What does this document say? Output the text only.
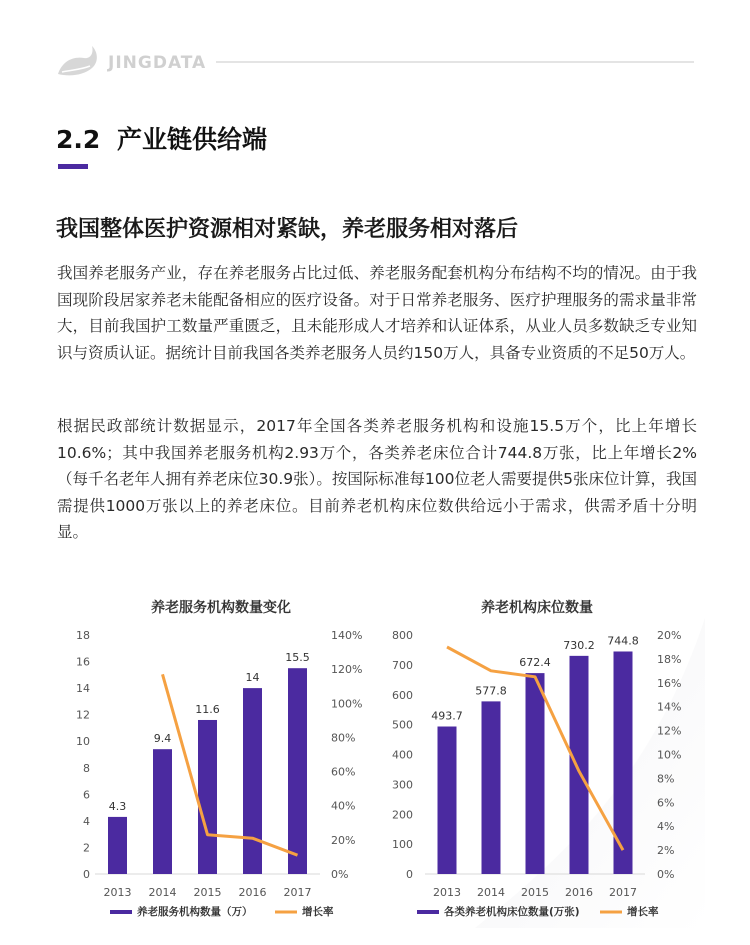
JINGDATA
2.2 产业链供给端
我国整体医护资源相对紧缺，养老服务相对落后
我国养老服务产业，存在养老服务占比过低、养老服务配套机构分布结构不均的情况。由于我国现阶段居家养老未能配备相应的医疗设备。对于日常养老服务、医疗护理服务的需求量非常大，目前我国护工数量严重匮乏，且未能形成人才培养和认证体系，从业人员多数缺乏专业知识与资质认证。据统计目前我国各类养老服务人员约150万人，具备专业资质的不足50万人。
根据民政部统计数据显示，2017年全国各类养老服务机构和设施15.5万个，比上年增长10.6%；其中我国养老服务机构2.93万个，各类养老床位合计744.8万张，比上年增长2%（每千名老年人拥有养老床位30.9张）。按国际标准每100位老人需要提供5张床位计算，我国需提供1000万张以上的养老床位。目前养老机构床位数供给远小于需求，供需矛盾十分明显。
养老服务机构数量变化
0
2
4
6
8
10
12
14
16
18
0%
20%
40%
60%
80%
100%
120%
140%
4.3
2013
9.4
2014
11.6
2015
14
2016
15.5
2017
养老服务机构数量（万）	增长率
养老机构床位数量
0
100
200
300
400
500
600
700
800
0%
2%
4%
6%
8%
10%
12%
14%
16%
18%
20%
493.7
2013
577.8
2014
672.4
2015
730.2
2016
744.8
2017
各类养老机构床位数量(万张)	增长率
